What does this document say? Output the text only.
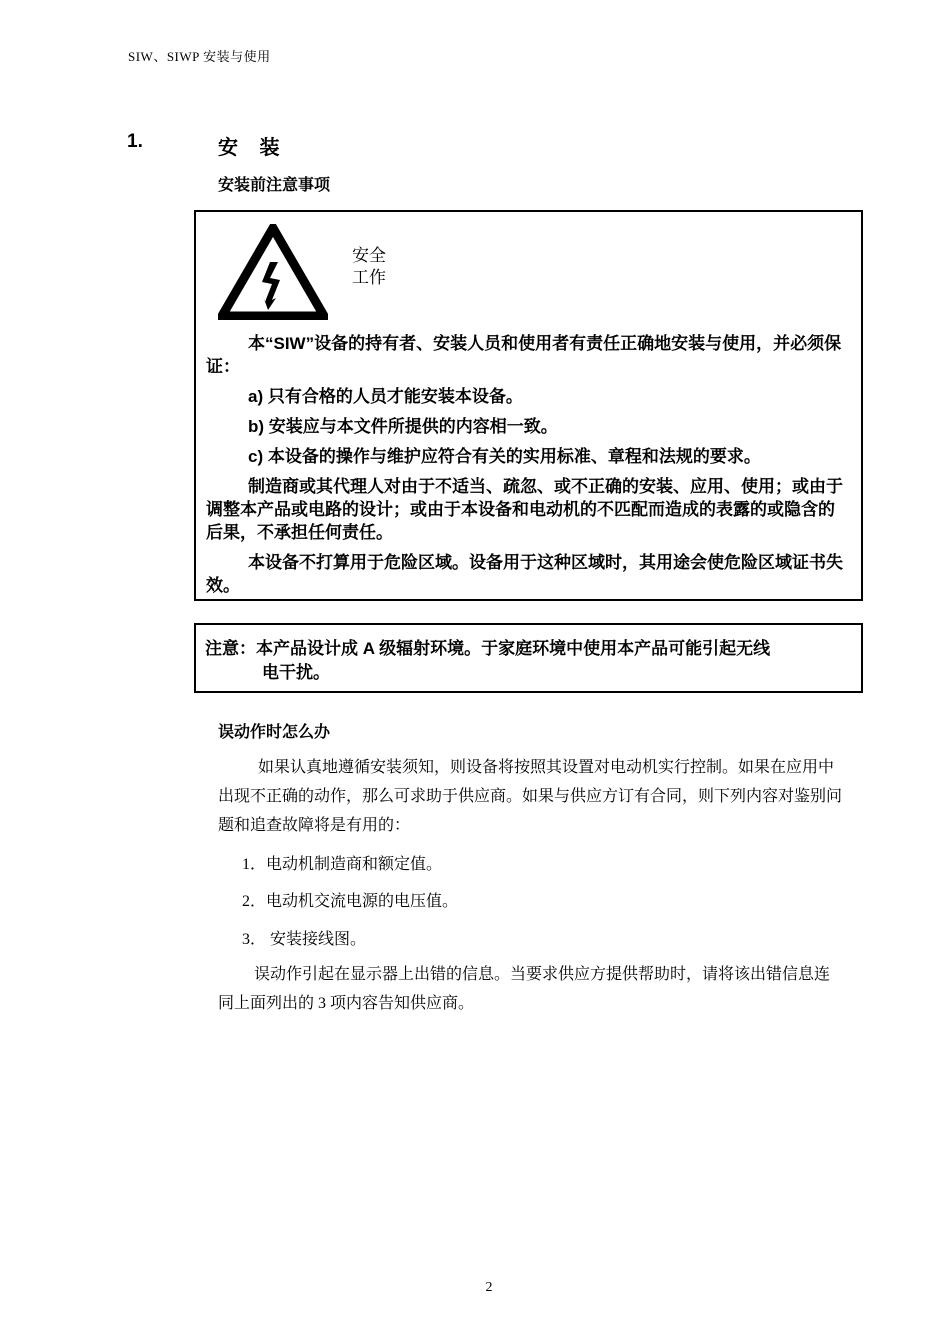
SIW、SIWP 安装与使用
1.	安 装
安装前注意事项
安全
工作

本“SIW”设备的持有者、安装人员和使用者有责任正确地安装与使用，并必须保证：

a) 只有合格的人员才能安装本设备。

b) 安装应与本文件所提供的内容相一致。

c) 本设备的操作与维护应符合有关的实用标准、章程和法规的要求。

制造商或其代理人对由于不适当、疏忽、或不正确的安装、应用、使用；或由于调整本产品或电路的设计；或由于本设备和电动机的不匹配而造成的表露的或隐含的后果，不承担任何责任。

本设备不打算用于危险区域。设备用于这种区域时，其用途会使危险区域证书失效。

注意：本产品设计成 A 级辐射环境。于家庭环境中使用本产品可能引起无线
电干扰。
误动作时怎么办
如果认真地遵循安装须知，则设备将按照其设置对电动机实行控制。如果在应用中出现不正确的动作，那么可求助于供应商。如果与供应方订有合同，则下列内容对鉴别问题和追查故障将是有用的：
1．电动机制造商和额定值。
2．电动机交流电源的电压值。
3． 安装接线图。
误动作引起在显示器上出错的信息。当要求供应方提供帮助时，请将该出错信息连同上面列出的 3 项内容告知供应商。
2
